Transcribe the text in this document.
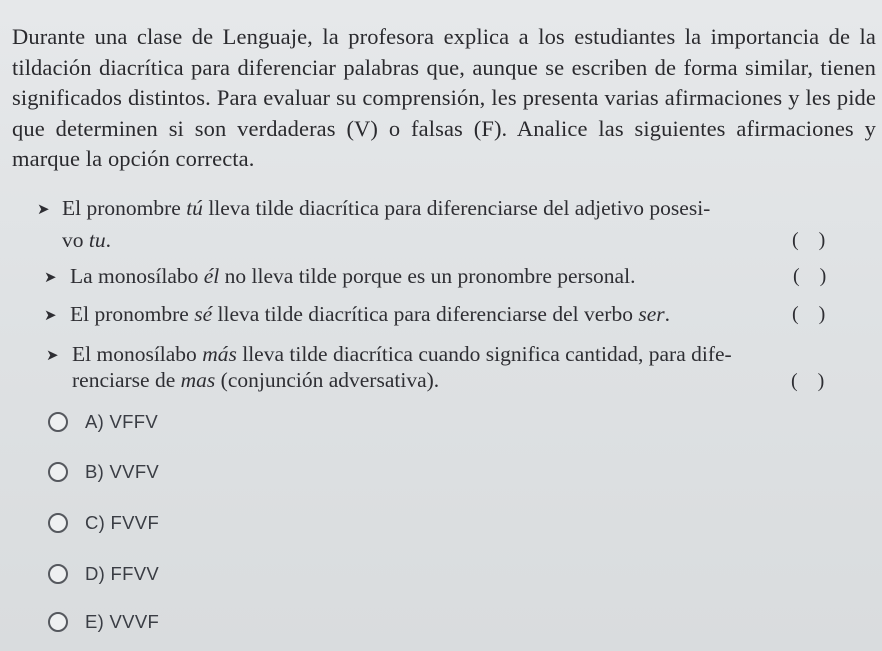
Durante una clase de Lenguaje, la profesora explica a los estudiantes la importancia de la tildación diacrítica para diferenciar palabras que, aunque se escriben de forma similar, tienen significados distintos. Para evaluar su comprensión, les presenta varias afirmaciones y les pide que determinen si son verdaderas (V) o falsas (F). Analice las siguientes afirmaciones y marque la opción correcta.
➤ El pronombre tú lleva tilde diacrítica para diferenciarse del adjetivo posesi-
vo tu.	(    )
➤ La monosílabo él no lleva tilde porque es un pronombre personal.	(    )
➤ El pronombre sé lleva tilde diacrítica para diferenciarse del verbo ser.	(    )
➤ El monosílabo más lleva tilde diacrítica cuando significa cantidad, para dife-
renciarse de mas (conjunción adversativa).	(    )
A) VFFV
B) VVFV
C) FVVF
D) FFVV
E) VVVF
